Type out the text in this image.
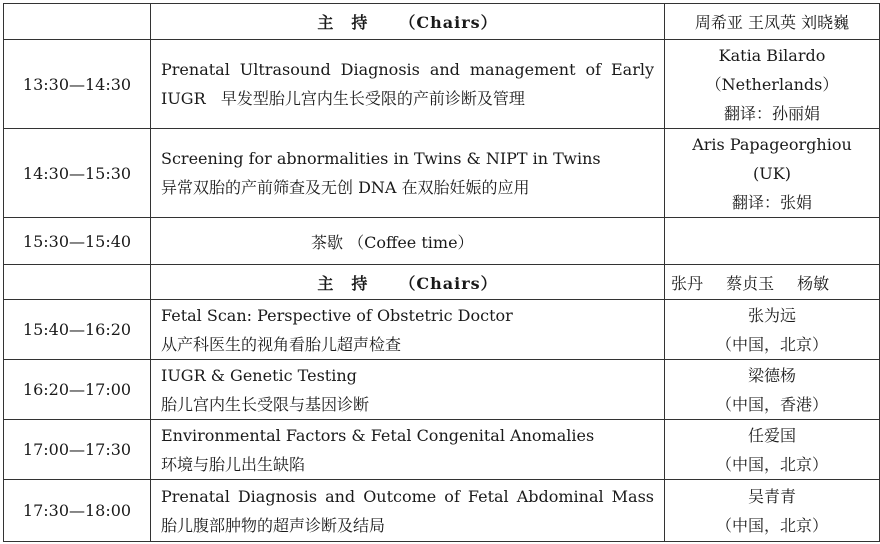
	主持 （Chairs）	周希亚 王凤英 刘晓巍
13:30—14:30	Prenatal Ultrasound Diagnosis and management of Early
IUGR 早发型胎儿宫内生长受限的产前诊断及管理	Katia Bilardo
（Netherlands）
翻译：孙丽娟

14:30—15:30	Screening for abnormalities in Twins & NIPT in Twins
异常双胎的产前筛查及无创 DNA 在双胎妊娠的应用	Aris Papageorghiou
(UK)
翻译：张娟

15:30—15:40	茶歇 （Coffee time）	
	主持 （Chairs）	张丹 蔡贞玉 杨敏
15:40—16:20	Fetal Scan: Perspective of Obstetric Doctor
从产科医生的视角看胎儿超声检查	张为远
（中国，北京）

16:20—17:00	IUGR & Genetic Testing
胎儿宫内生长受限与基因诊断	梁德杨
（中国，香港）

17:00—17:30	Environmental Factors & Fetal Congenital Anomalies
环境与胎儿出生缺陷	任爱国
（中国，北京）

17:30—18:00	Prenatal Diagnosis and Outcome of Fetal Abdominal Mass
胎儿腹部肿物的超声诊断及结局	吴青青
（中国，北京）
